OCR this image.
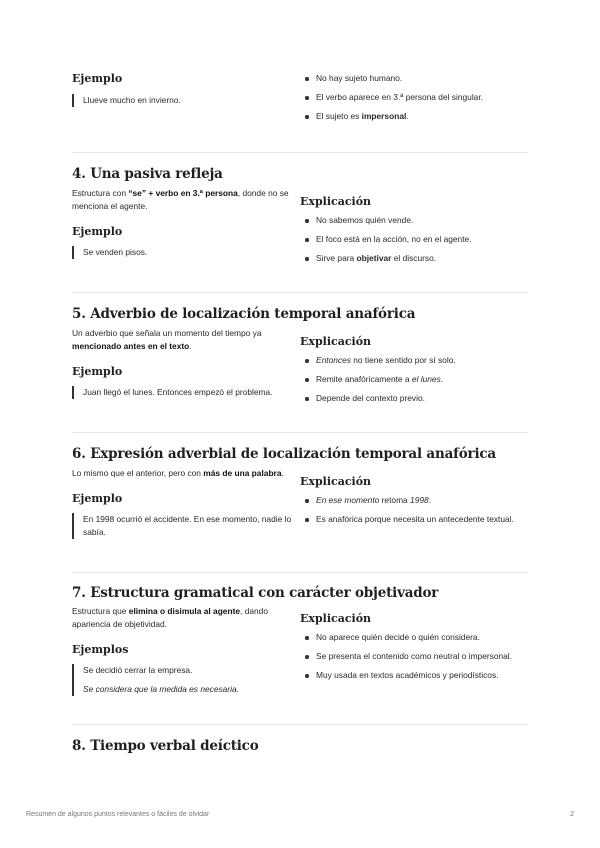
Ejemplo

Llueve mucho en invierno.

No hay sujeto humano.
El verbo aparece en 3.ª persona del singular.
El sujeto es impersonal.
4. Una pasiva refleja

Estructura con “se” + verbo en 3.ª persona, donde no se menciona el agente.

Ejemplo

Se venden pisos.

Explicación
No sabemos quién vende.
El foco está en la acción, no en el agente.
Sirve para objetivar el discurso.
5. Adverbio de localización temporal anafórica

Un adverbio que señala un momento del tiempo ya mencionado antes en el texto.

Ejemplo

Juan llegó el lunes. Entonces empezó el problema.

Explicación
Entonces no tiene sentido por sí solo.
Remite anafóricamente a el lunes.
Depende del contexto previo.
6. Expresión adverbial de localización temporal anafórica

Lo mismo que el anterior, pero con más de una palabra.

Ejemplo

En 1998 ocurrió el accidente. En ese momento, nadie lo sabía.

Explicación
En ese momento retoma 1998.
Es anafórica porque necesita un antecedente textual.
7. Estructura gramatical con carácter objetivador

Estructura que elimina o disimula al agente, dando apariencia de objetividad.

Ejemplos

Se decidió cerrar la empresa.

Se considera que la medida es necesaria.

Explicación
No aparece quién decide o quién considera.
Se presenta el contenido como neutral o impersonal.
Muy usada en textos académicos y periodísticos.
8. Tiempo verbal deíctico
Resumen de algunos puntos relevantes o fáciles de olvidar	2
